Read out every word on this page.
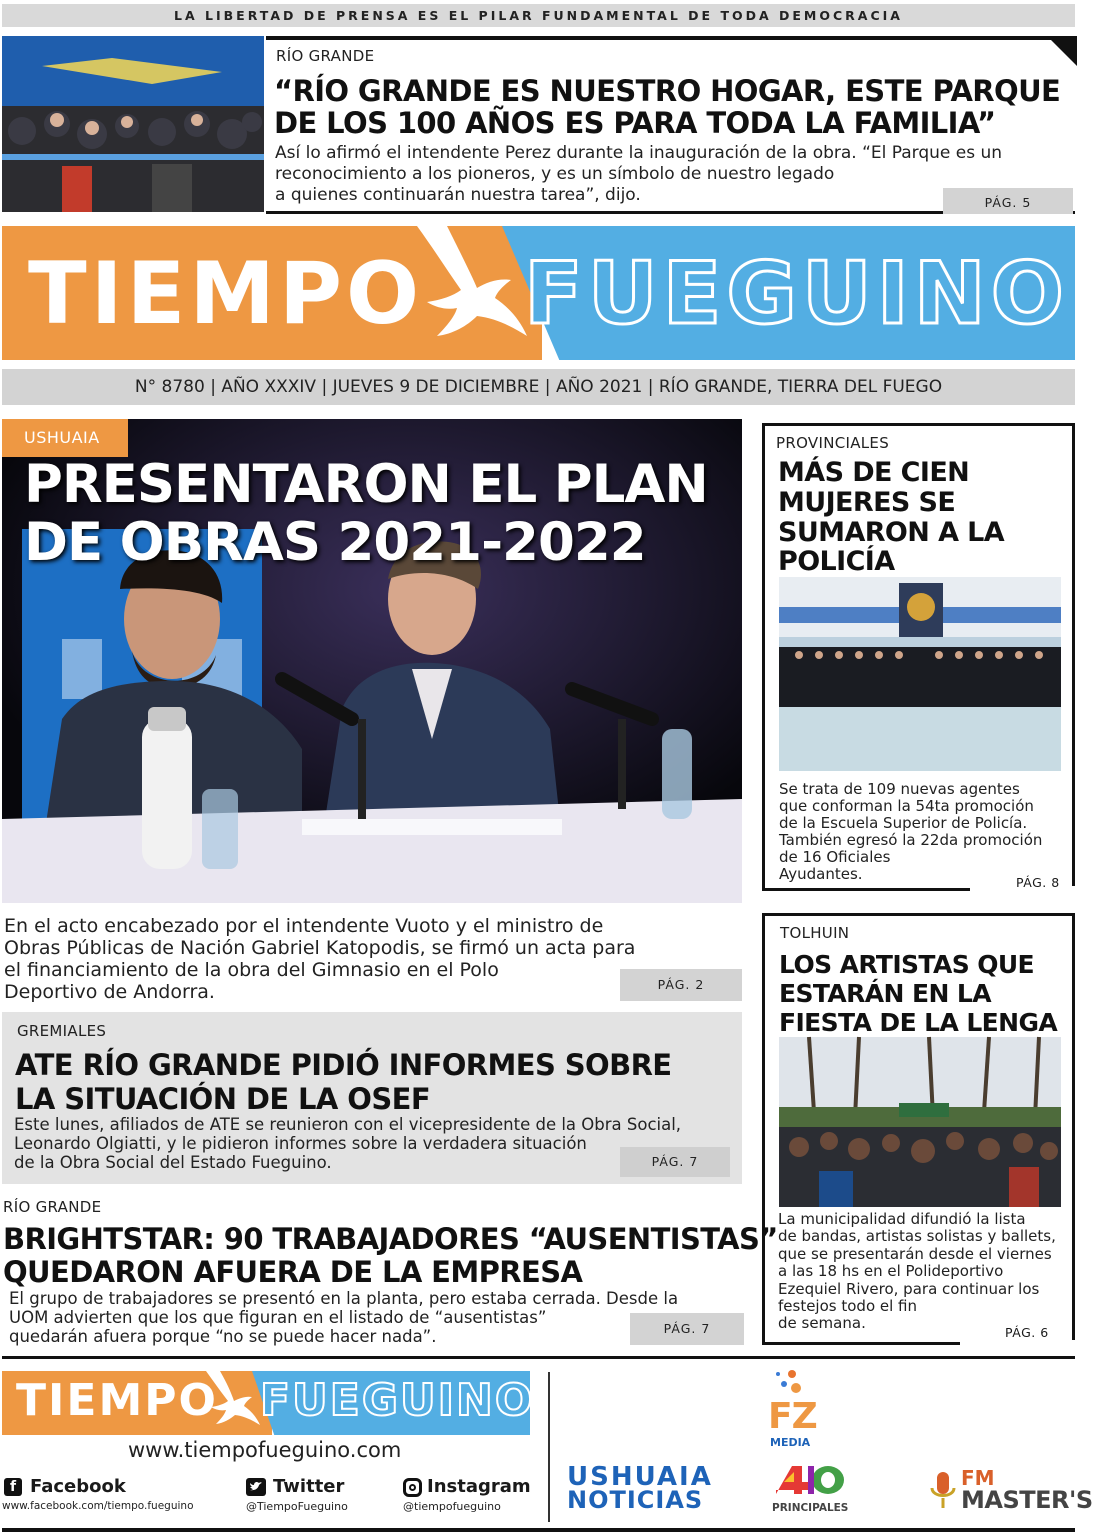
LA LIBERTAD DE PRENSA ES EL PILAR FUNDAMENTAL DE TODA DEMOCRACIA
RÍO GRANDE
“RÍO GRANDE ES NUESTRO HOGAR, ESTE PARQUE
DE LOS 100 AÑOS ES PARA TODA LA FAMILIA”
Así lo afirmó el intendente Perez durante la inauguración de la obra. “El Parque es un
reconocimiento a los pioneros, y es un símbolo de nuestro legado
a quienes continuarán nuestra tarea”, dijo.	PÁG. 5
TIEMPO FUEGUINO
N° 8780 | AÑO XXXIV | JUEVES 9 DE DICIEMBRE | AÑO 2021 | RÍO GRANDE, TIERRA DEL FUEGO
USHUAIA
PRESENTARON EL PLAN
DE OBRAS 2021-2022
En el acto encabezado por el intendente Vuoto y el ministro de
Obras Públicas de Nación Gabriel Katopodis, se firmó un acta para
el financiamiento de la obra del Gimnasio en el Polo
Deportivo de Andorra.	PÁG. 2
PROVINCIALES
MÁS DE CIEN
MUJERES SE
SUMARON A LA
POLICÍA
Se trata de 109 nuevas agentes
que conforman la 54ta promoción
de la Escuela Superior de Policía.
También egresó la 22da promoción
de 16 Oficiales
Ayudantes.	PÁG. 8
TOLHUIN
LOS ARTISTAS QUE
ESTARÁN EN LA
FIESTA DE LA LENGA
La municipalidad difundió la lista
de bandas, artistas solistas y ballets,
que se presentarán desde el viernes
a las 18 hs en el Polideportivo
Ezequiel Rivero, para continuar los
festejos todo el fin
de semana.
PÁG. 6
GREMIALES
ATE RÍO GRANDE PIDIÓ INFORMES SOBRE
LA SITUACIÓN DE LA OSEF
Este lunes, afiliados de ATE se reunieron con el vicepresidente de la Obra Social,
Leonardo Olgiatti, y le pidieron informes sobre la verdadera situación
de la Obra Social del Estado Fueguino.	PÁG. 7
RÍO GRANDE
BRIGHTSTAR: 90 TRABAJADORES “AUSENTISTAS”
QUEDARON AFUERA DE LA EMPRESA
El grupo de trabajadores se presentó en la planta, pero estaba cerrada. Desde la
UOM advierten que los que figuran en el listado de “ausentistas”
quedarán afuera porque “no se puede hacer nada”.	PÁG. 7
TIEMPO FUEGUINO
www.tiempofueguino.com
f Facebook
www.facebook.com/tiempo.fueguino
Twitter
@TiempoFueguino
Instagram
@tiempofueguino
FZ
MEDIA
USHUAIA
NOTICIAS	PRINCIPALES
FM
MASTER'S
